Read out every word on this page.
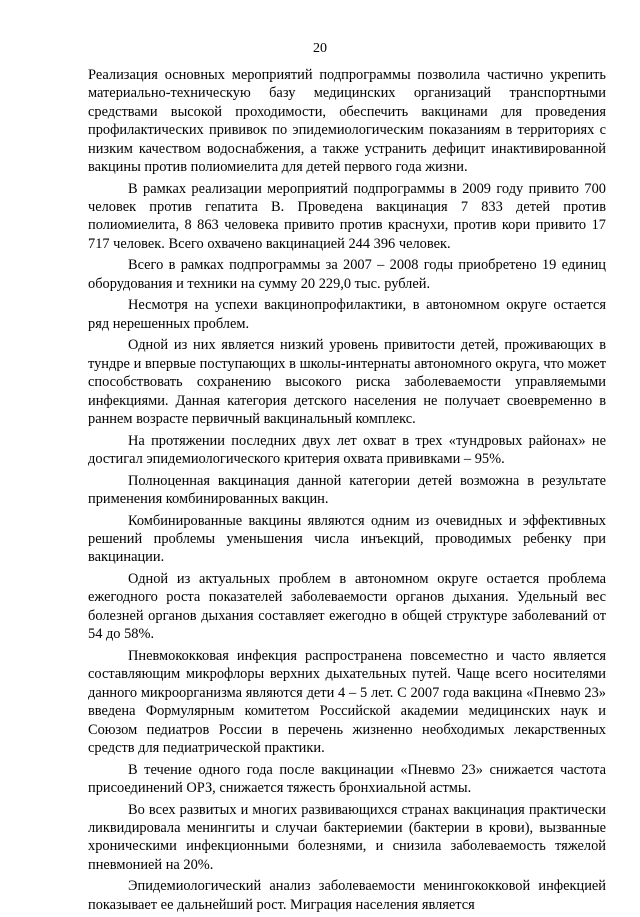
20

Реализация основных мероприятий подпрограммы позволила частично укрепить материально-техническую базу медицинских организаций транспортными средствами высокой проходимости, обеспечить вакцинами для проведения профилактических прививок по эпидемиологическим показаниям в территориях с низким качеством водоснабжения, а также устранить дефицит инактивированной вакцины против полиомиелита для детей первого года жизни.

В рамках реализации мероприятий подпрограммы в 2009 году привито 700 человек против гепатита В. Проведена вакцинация 7 833 детей против полиомиелита, 8 863 человека привито против краснухи, против кори привито 17 717 человек. Всего охвачено вакцинацией 244 396 человек.

Всего в рамках подпрограммы за 2007 – 2008 годы приобретено 19 единиц оборудования и техники на сумму 20 229,0 тыс. рублей.

Несмотря на успехи вакцинопрофилактики, в автономном округе остается ряд нерешенных проблем.

Одной из них является низкий уровень привитости детей, проживающих в тундре и впервые поступающих в школы-интернаты автономного округа, что может способствовать сохранению высокого риска заболеваемости управляемыми инфекциями. Данная категория детского населения не получает своевременно в раннем возрасте первичный вакцинальный комплекс.

На протяжении последних двух лет охват в трех «тундровых районах» не достигал эпидемиологического критерия охвата прививками – 95%.

Полноценная вакцинация данной категории детей возможна в результате применения комбинированных вакцин.

Комбинированные вакцины являются одним из очевидных и эффективных решений проблемы уменьшения числа инъекций, проводимых ребенку при вакцинации.

Одной из актуальных проблем в автономном округе остается проблема ежегодного роста показателей заболеваемости органов дыхания. Удельный вес болезней органов дыхания составляет ежегодно в общей структуре заболеваний от 54 до 58%.

Пневмококковая инфекция распространена повсеместно и часто является составляющим микрофлоры верхних дыхательных путей. Чаще всего носителями данного микроорганизма являются дети 4 – 5 лет. С 2007 года вакцина «Пневмо 23» введена Формулярным комитетом Российской академии медицинских наук и Союзом педиатров России в перечень жизненно необходимых лекарственных средств для педиатрической практики.

В течение одного года после вакцинации «Пневмо 23» снижается частота присоединений ОРЗ, снижается тяжесть бронхиальной астмы.

Во всех развитых и многих развивающихся странах вакцинация практически ликвидировала менингиты и случаи бактериемии (бактерии в крови), вызванные хроническими инфекционными болезнями, и снизила заболеваемость тяжелой пневмонией на 20%.

Эпидемиологический анализ заболеваемости менингококковой инфекцией показывает ее дальнейший рост. Миграция населения является
